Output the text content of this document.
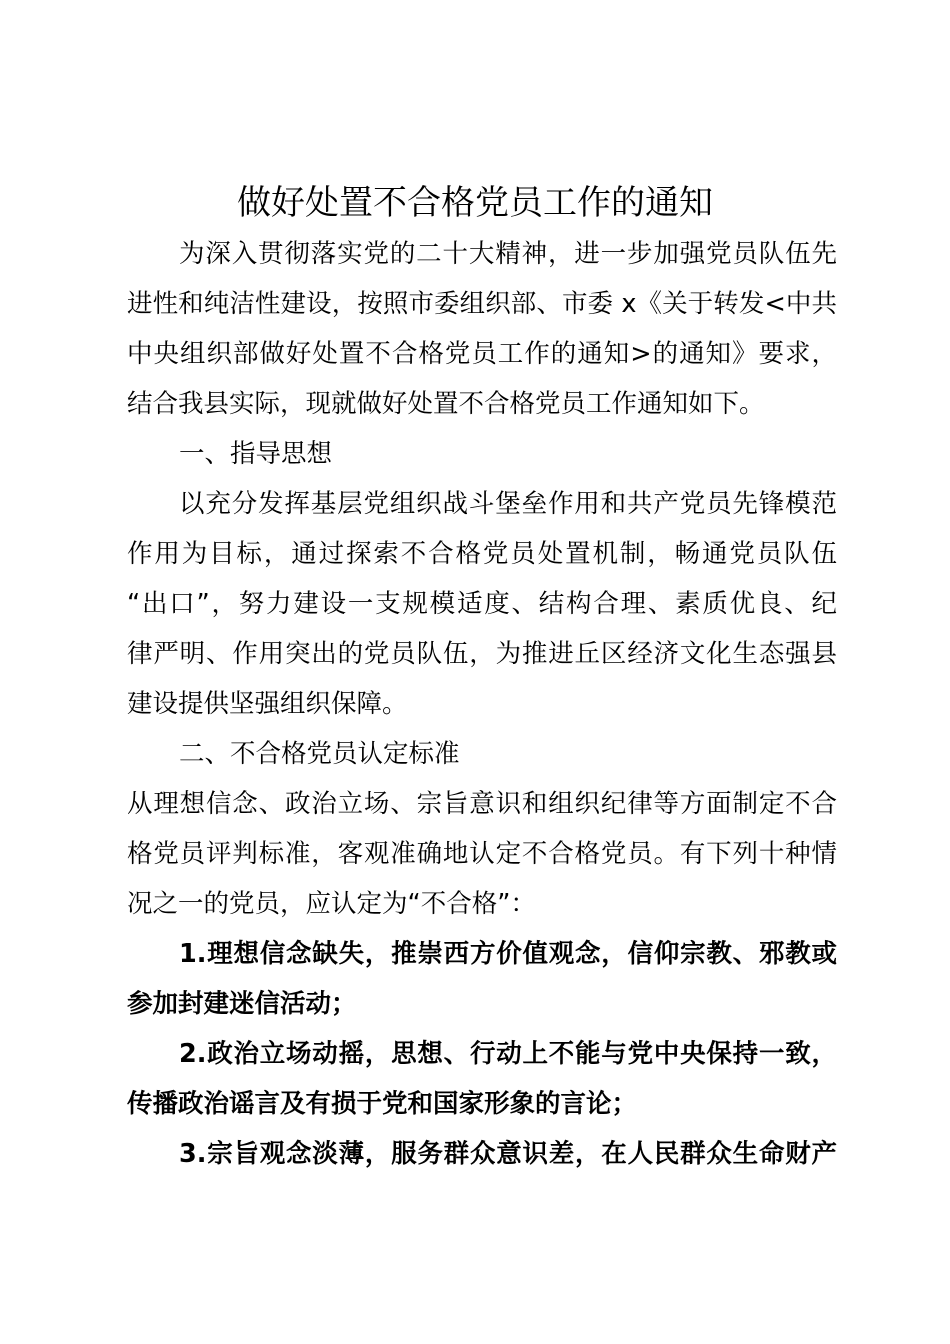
做好处置不合格党员工作的通知
为深入贯彻落实党的二十大精神，进一步加强党员队伍先
进性和纯洁性建设，按照市委组织部、市委 x《关于转发<中共
中央组织部做好处置不合格党员工作的通知>的通知》要求，
结合我县实际，现就做好处置不合格党员工作通知如下。
一、指导思想
以充分发挥基层党组织战斗堡垒作用和共产党员先锋模范
作用为目标，通过探索不合格党员处置机制，畅通党员队伍
“出口”，努力建设一支规模适度、结构合理、素质优良、纪
律严明、作用突出的党员队伍，为推进丘区经济文化生态强县
建设提供坚强组织保障。
二、不合格党员认定标准
从理想信念、政治立场、宗旨意识和组织纪律等方面制定不合
格党员评判标准，客观准确地认定不合格党员。有下列十种情
况之一的党员，应认定为“不合格”：
1.理想信念缺失，推崇西方价值观念，信仰宗教、邪教或
参加封建迷信活动；
2.政治立场动摇，思想、行动上不能与党中央保持一致，
传播政治谣言及有损于党和国家形象的言论；
3.宗旨观念淡薄，服务群众意识差，在人民群众生命财产
